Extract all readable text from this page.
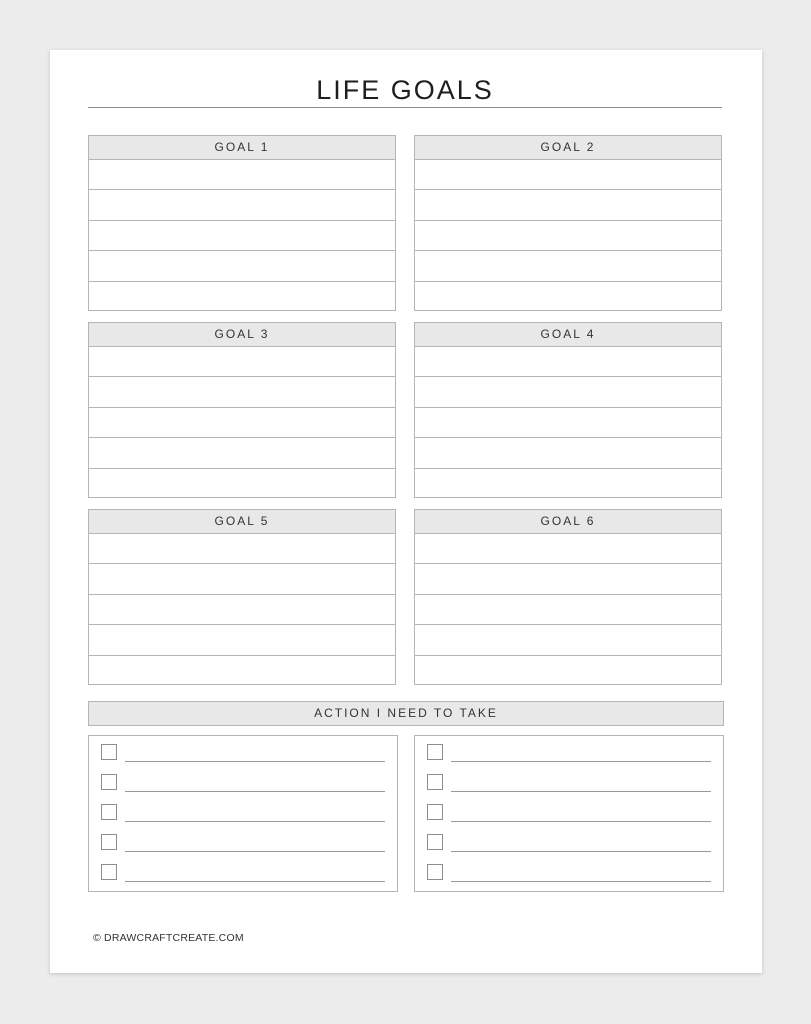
LIFE GOALS
GOAL 1	GOAL 2
GOAL 3	GOAL 4
GOAL 5	GOAL 6
ACTION I NEED TO TAKE
© DRAWCRAFTCREATE.COM
